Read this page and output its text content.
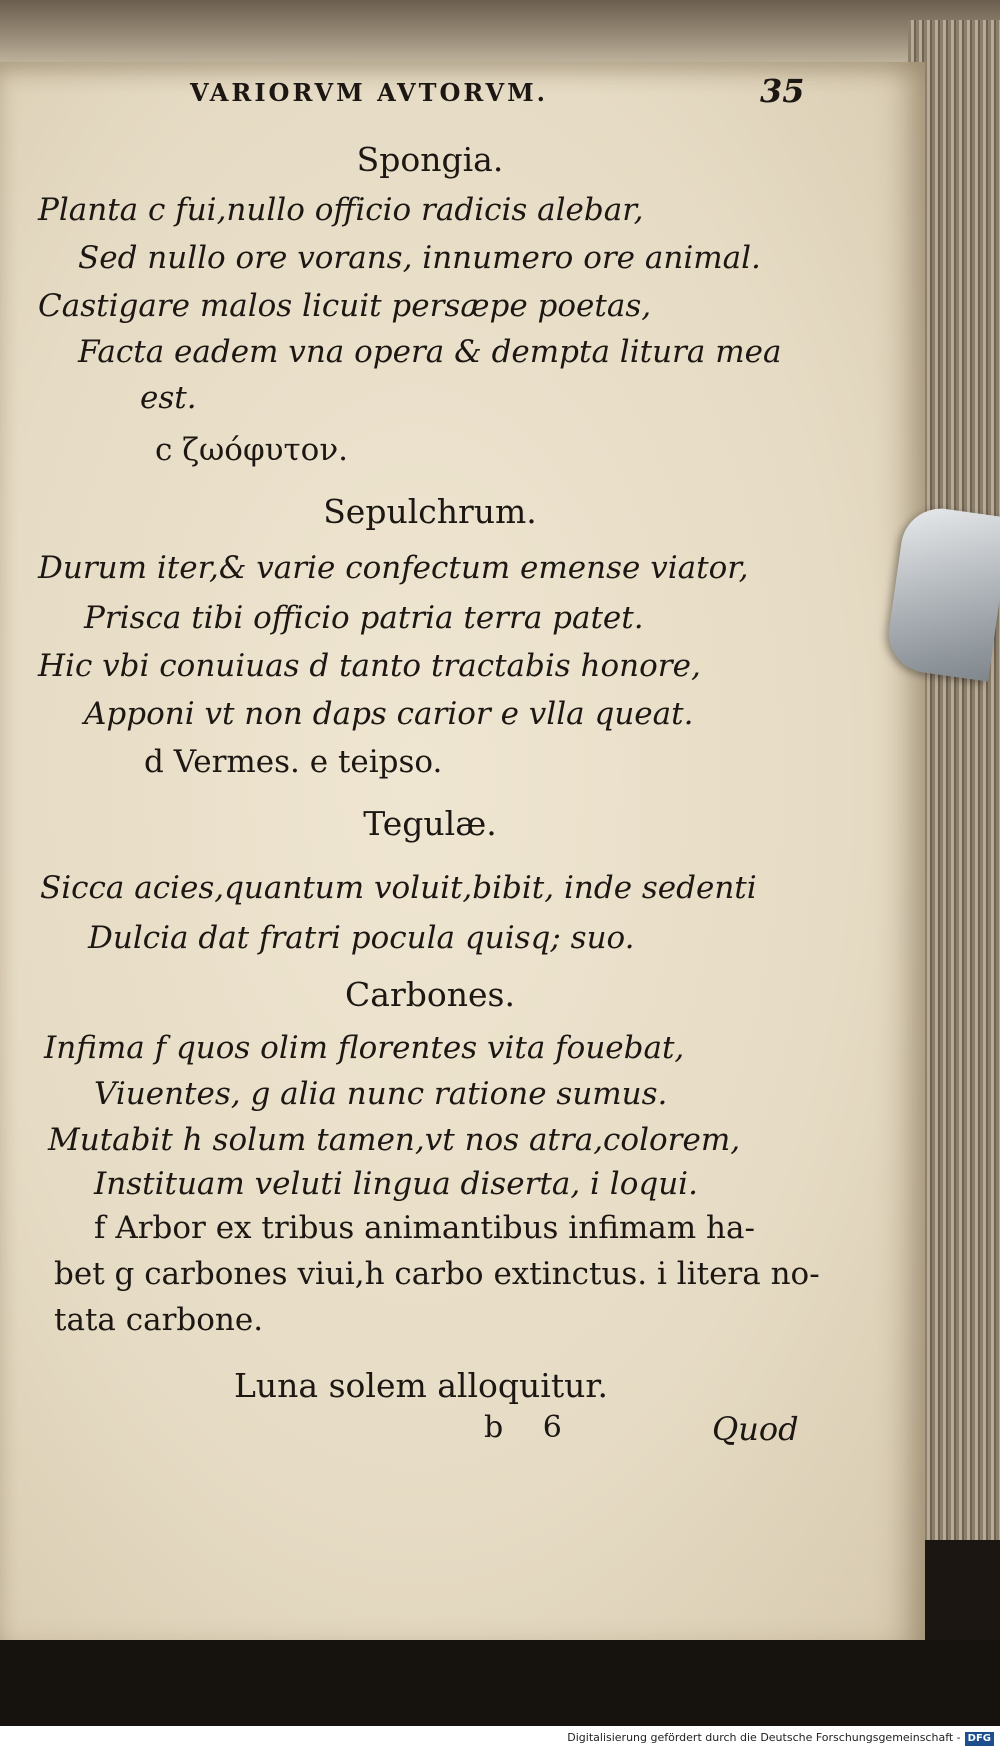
VARIORVM AVTORVM.	35
Spongia.
Planta c fui,nullo officio radicis alebar,
Sed nullo ore vorans, innumero ore animal.
Castigare malos licuit persæpe poetas,
Facta eadem vna opera & dempta litura mea
est.
c ζωόφυτον.
Sepulchrum.
Durum iter,& varie confectum emense viator,
Prisca tibi officio patria terra patet.
Hic vbi conuiuas d tanto tractabis honore,
Apponi vt non daps carior e vlla queat.
d Vermes. e teipso.
Tegulæ.
Sicca acies,quantum voluit,bibit, inde sedenti
Dulcia dat fratri pocula quisq; suo.
Carbones.
Infima f quos olim florentes vita fouebat,
Viuentes, g alia nunc ratione sumus.
Mutabit h solum tamen,vt nos atra,colorem,
Instituam veluti lingua diserta, i loqui.
f Arbor ex tribus animantibus infimam ha-
bet g carbones viui,h carbo extinctus. i litera no-
tata carbone.
Luna solem alloquitur.
b 6	Quod
Digitalisierung gefördert durch die Deutsche Forschungsgemeinschaft - DFG
